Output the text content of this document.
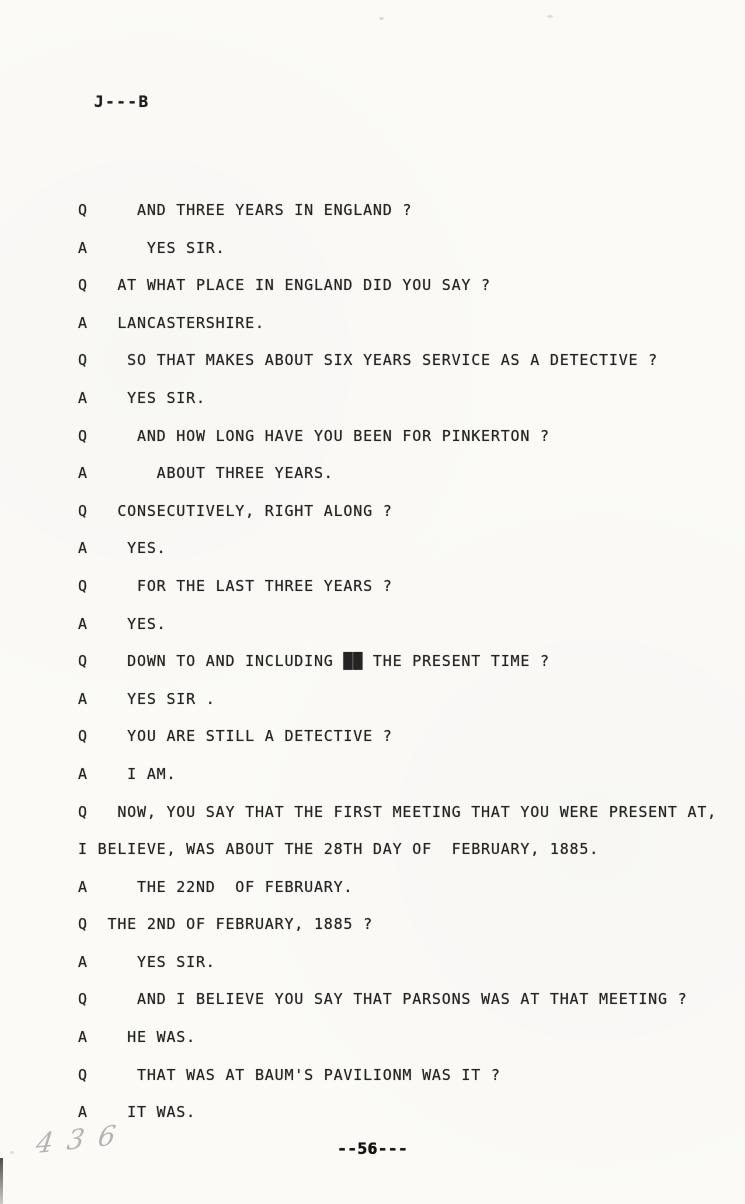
J---B
Q     AND THREE YEARS IN ENGLAND ?
A      YES SIR.
Q   AT WHAT PLACE IN ENGLAND DID YOU SAY ?
A   LANCASTERSHIRE.
Q    SO THAT MAKES ABOUT SIX YEARS SERVICE AS A DETECTIVE ?
A    YES SIR.
Q     AND HOW LONG HAVE YOU BEEN FOR PINKERTON ?
A       ABOUT THREE YEARS.
Q   CONSECUTIVELY, RIGHT ALONG ?
A    YES.
Q     FOR THE LAST THREE YEARS ?
A    YES.
Q    DOWN TO AND INCLUDING ██ THE PRESENT TIME ?
A    YES SIR .
Q    YOU ARE STILL A DETECTIVE ?
A    I AM.
Q   NOW, YOU SAY THAT THE FIRST MEETING THAT YOU WERE PRESENT AT,
I BELIEVE, WAS ABOUT THE 28TH DAY OF  FEBRUARY, 1885.
A     THE 22ND  OF FEBRUARY.
Q  THE 2ND OF FEBRUARY, 1885 ?
A     YES SIR.
Q     AND I BELIEVE YOU SAY THAT PARSONS WAS AT THAT MEETING ?
A    HE WAS.
Q     THAT WAS AT BAUM'S PAVILIONM WAS IT ?
A    IT WAS.
--56---
436
